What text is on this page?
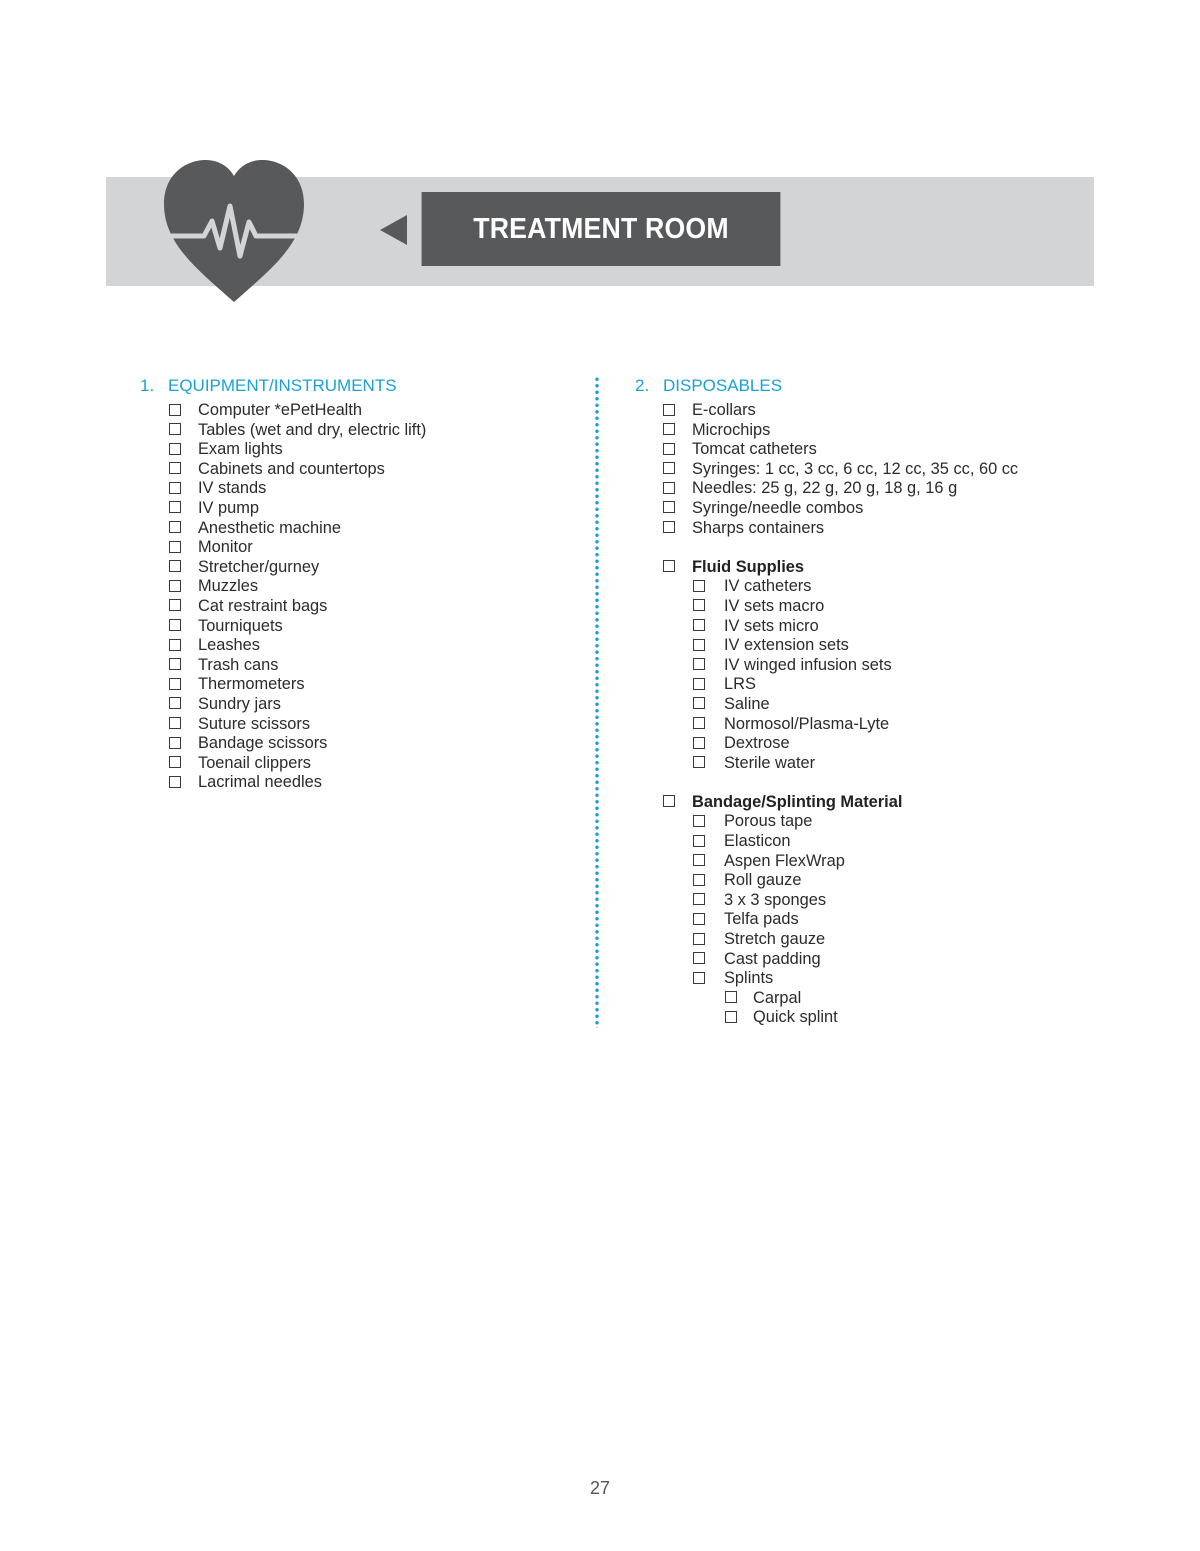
TREATMENT ROOM
1. EQUIPMENT/INSTRUMENTS
Computer *ePetHealth
Tables (wet and dry, electric lift)
Exam lights
Cabinets and countertops
IV stands
IV pump
Anesthetic machine
Monitor
Stretcher/gurney
Muzzles
Cat restraint bags
Tourniquets
Leashes
Trash cans
Thermometers
Sundry jars
Suture scissors
Bandage scissors
Toenail clippers
Lacrimal needles
2. DISPOSABLES
E-collars
Microchips
Tomcat catheters
Syringes: 1 cc, 3 cc, 6 cc, 12 cc, 35 cc, 60 cc
Needles: 25 g, 22 g, 20 g, 18 g, 16 g
Syringe/needle combos
Sharps containers
Fluid Supplies
IV catheters
IV sets macro
IV sets micro
IV extension sets
IV winged infusion sets
LRS
Saline
Normosol/Plasma-Lyte
Dextrose
Sterile water
Bandage/Splinting Material
Porous tape
Elasticon
Aspen FlexWrap
Roll gauze
3 x 3 sponges
Telfa pads
Stretch gauze
Cast padding
Splints
Carpal
Quick splint
27
